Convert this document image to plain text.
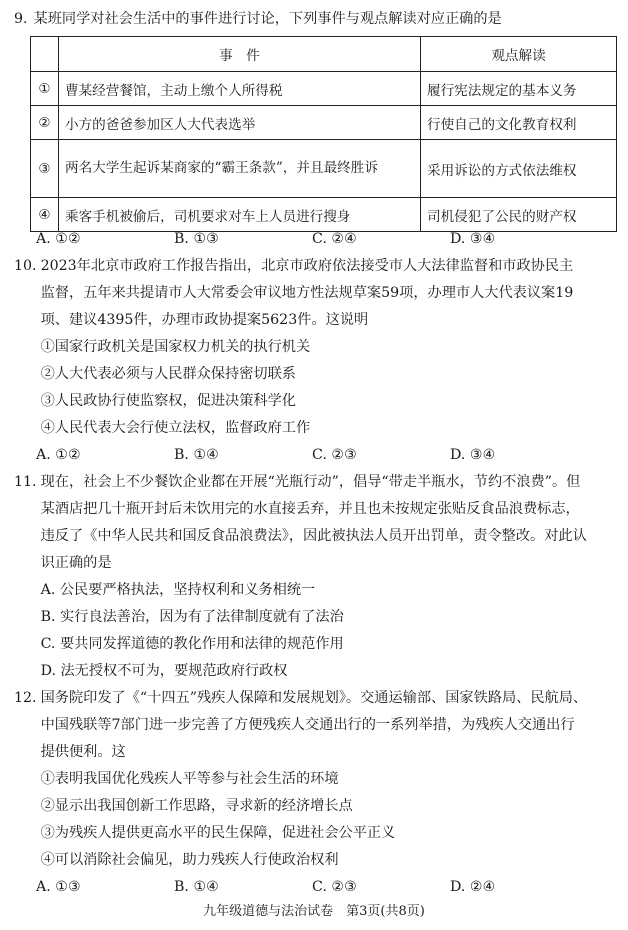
9. 某班同学对社会生活中的事件进行讨论，下列事件与观点解读对应正确的是
	事　件	观点解读
①	曹某经营餐馆，主动上缴个人所得税	履行宪法规定的基本义务
②	小方的爸爸参加区人大代表选举	行使自己的文化教育权利
③	两名大学生起诉某商家的“霸王条款”，并且最终胜诉	采用诉讼的方式依法维权
④	乘客手机被偷后，司机要求对车上人员进行搜身	司机侵犯了公民的财产权
A. ①②	B. ①③	C. ②④	D. ③④
10. 2023年北京市政府工作报告指出，北京市政府依法接受市人大法律监督和市政协民主
监督，五年来共提请市人大常委会审议地方性法规草案59项，办理市人大代表议案19
项、建议4395件，办理市政协提案5623件。这说明
①国家行政机关是国家权力机关的执行机关
②人大代表必须与人民群众保持密切联系
③人民政协行使监察权，促进决策科学化
④人民代表大会行使立法权，监督政府工作
A. ①②	B. ①④	C. ②③	D. ③④
11. 现在，社会上不少餐饮企业都在开展“光瓶行动”，倡导“带走半瓶水，节约不浪费”。但
某酒店把几十瓶开封后未饮用完的水直接丢弃，并且也未按规定张贴反食品浪费标志，
违反了《中华人民共和国反食品浪费法》，因此被执法人员开出罚单，责令整改。对此认
识正确的是
A. 公民要严格执法，坚持权利和义务相统一
B. 实行良法善治，因为有了法律制度就有了法治
C. 要共同发挥道德的教化作用和法律的规范作用
D. 法无授权不可为，要规范政府行政权
12. 国务院印发了《“十四五”残疾人保障和发展规划》。交通运输部、国家铁路局、民航局、
中国残联等7部门进一步完善了方便残疾人交通出行的一系列举措，为残疾人交通出行
提供便利。这
①表明我国优化残疾人平等参与社会生活的环境
②显示出我国创新工作思路，寻求新的经济增长点
③为残疾人提供更高水平的民生保障，促进社会公平正义
④可以消除社会偏见，助力残疾人行使政治权利
A. ①③	B. ①④	C. ②③	D. ②④
九年级道德与法治试卷　第3页(共8页)
